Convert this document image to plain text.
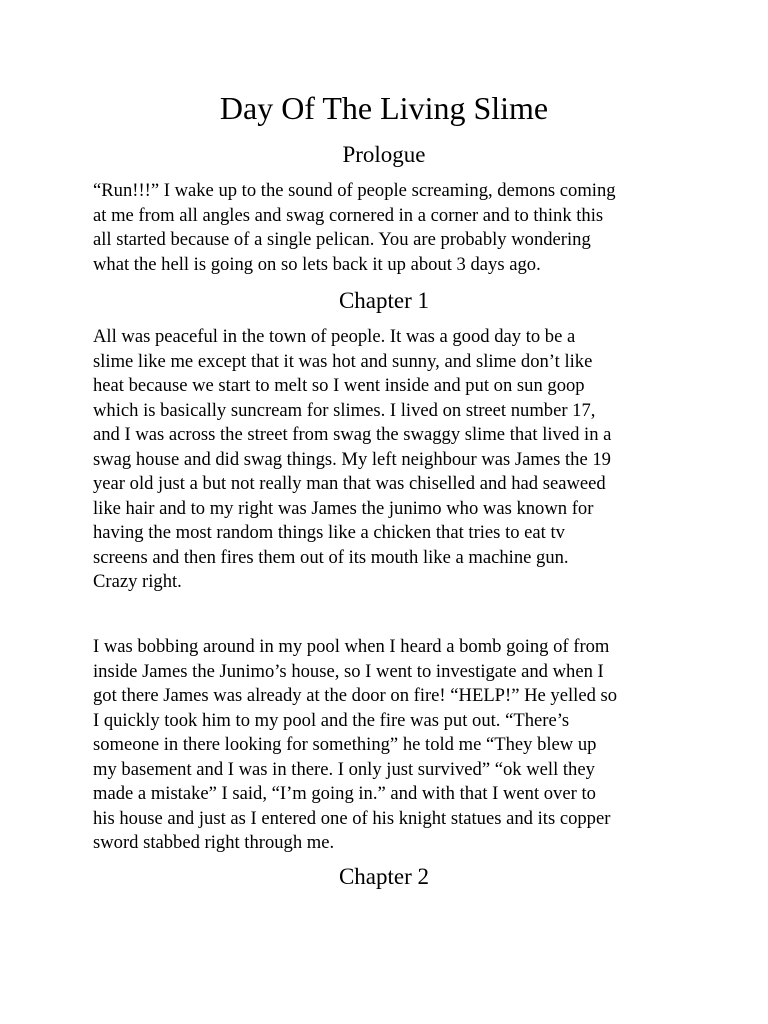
Day Of The Living Slime
Prologue

“Run!!!” I wake up to the sound of people screaming, demons coming
at me from all angles and swag cornered in a corner and to think this
all started because of a single pelican. You are probably wondering
what the hell is going on so lets back it up about 3 days ago.

Chapter 1

All was peaceful in the town of people. It was a good day to be a
slime like me except that it was hot and sunny, and slime don’t like
heat because we start to melt so I went inside and put on sun goop
which is basically suncream for slimes. I lived on street number 17,
and I was across the street from swag the swaggy slime that lived in a
swag house and did swag things. My left neighbour was James the 19
year old just a but not really man that was chiselled and had seaweed
like hair and to my right was James the junimo who was known for
having the most random things like a chicken that tries to eat tv
screens and then fires them out of its mouth like a machine gun.
Crazy right.

I was bobbing around in my pool when I heard a bomb going of from
inside James the Junimo’s house, so I went to investigate and when I
got there James was already at the door on fire! “HELP!” He yelled so
I quickly took him to my pool and the fire was put out. “There’s
someone in there looking for something” he told me “They blew up
my basement and I was in there. I only just survived” “ok well they
made a mistake” I said, “I’m going in.” and with that I went over to
his house and just as I entered one of his knight statues and its copper
sword stabbed right through me.

Chapter 2
